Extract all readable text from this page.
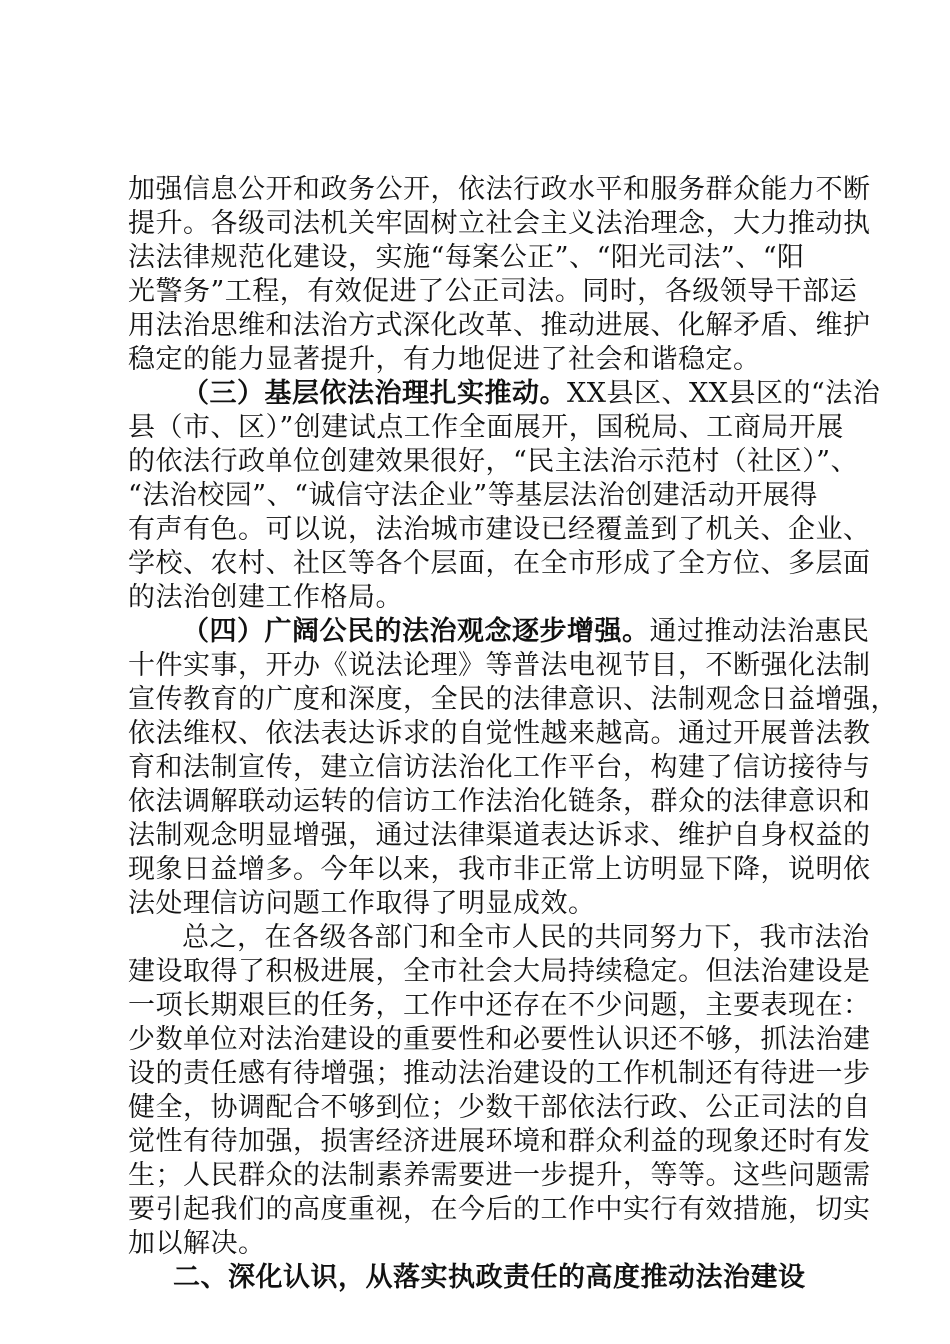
加强信息公开和政务公开，依法行政水平和服务群众能力不断
提升。各级司法机关牢固树立社会主义法治理念，大力推动执
法法律规范化建设，实施“每案公正”、“阳光司法”、“阳
光警务”工程，有效促进了公正司法。同时，各级领导干部运
用法治思维和法治方式深化改革、推动进展、化解矛盾、维护
稳定的能力显著提升，有力地促进了社会和谐稳定。
（三）基层依法治理扎实推动。XX县区、XX县区的“法治
县（市、区）”创建试点工作全面展开，国税局、工商局开展
的依法行政单位创建效果很好，“民主法治示范村（社区）”、
“法治校园”、“诚信守法企业”等基层法治创建活动开展得
有声有色。可以说，法治城市建设已经覆盖到了机关、企业、
学校、农村、社区等各个层面，在全市形成了全方位、多层面
的法治创建工作格局。
（四）广阔公民的法治观念逐步增强。通过推动法治惠民
十件实事，开办《说法论理》等普法电视节目，不断强化法制
宣传教育的广度和深度，全民的法律意识、法制观念日益增强，
依法维权、依法表达诉求的自觉性越来越高。通过开展普法教
育和法制宣传，建立信访法治化工作平台，构建了信访接待与
依法调解联动运转的信访工作法治化链条，群众的法律意识和
法制观念明显增强，通过法律渠道表达诉求、维护自身权益的
现象日益增多。今年以来，我市非正常上访明显下降，说明依
法处理信访问题工作取得了明显成效。
总之，在各级各部门和全市人民的共同努力下，我市法治
建设取得了积极进展，全市社会大局持续稳定。但法治建设是
一项长期艰巨的任务，工作中还存在不少问题，主要表现在：
少数单位对法治建设的重要性和必要性认识还不够，抓法治建
设的责任感有待增强；推动法治建设的工作机制还有待进一步
健全，协调配合不够到位；少数干部依法行政、公正司法的自
觉性有待加强，损害经济进展环境和群众利益的现象还时有发
生；人民群众的法制素养需要进一步提升，等等。这些问题需
要引起我们的高度重视，在今后的工作中实行有效措施，切实
加以解决。
二、深化认识，从落实执政责任的高度推动法治建设
